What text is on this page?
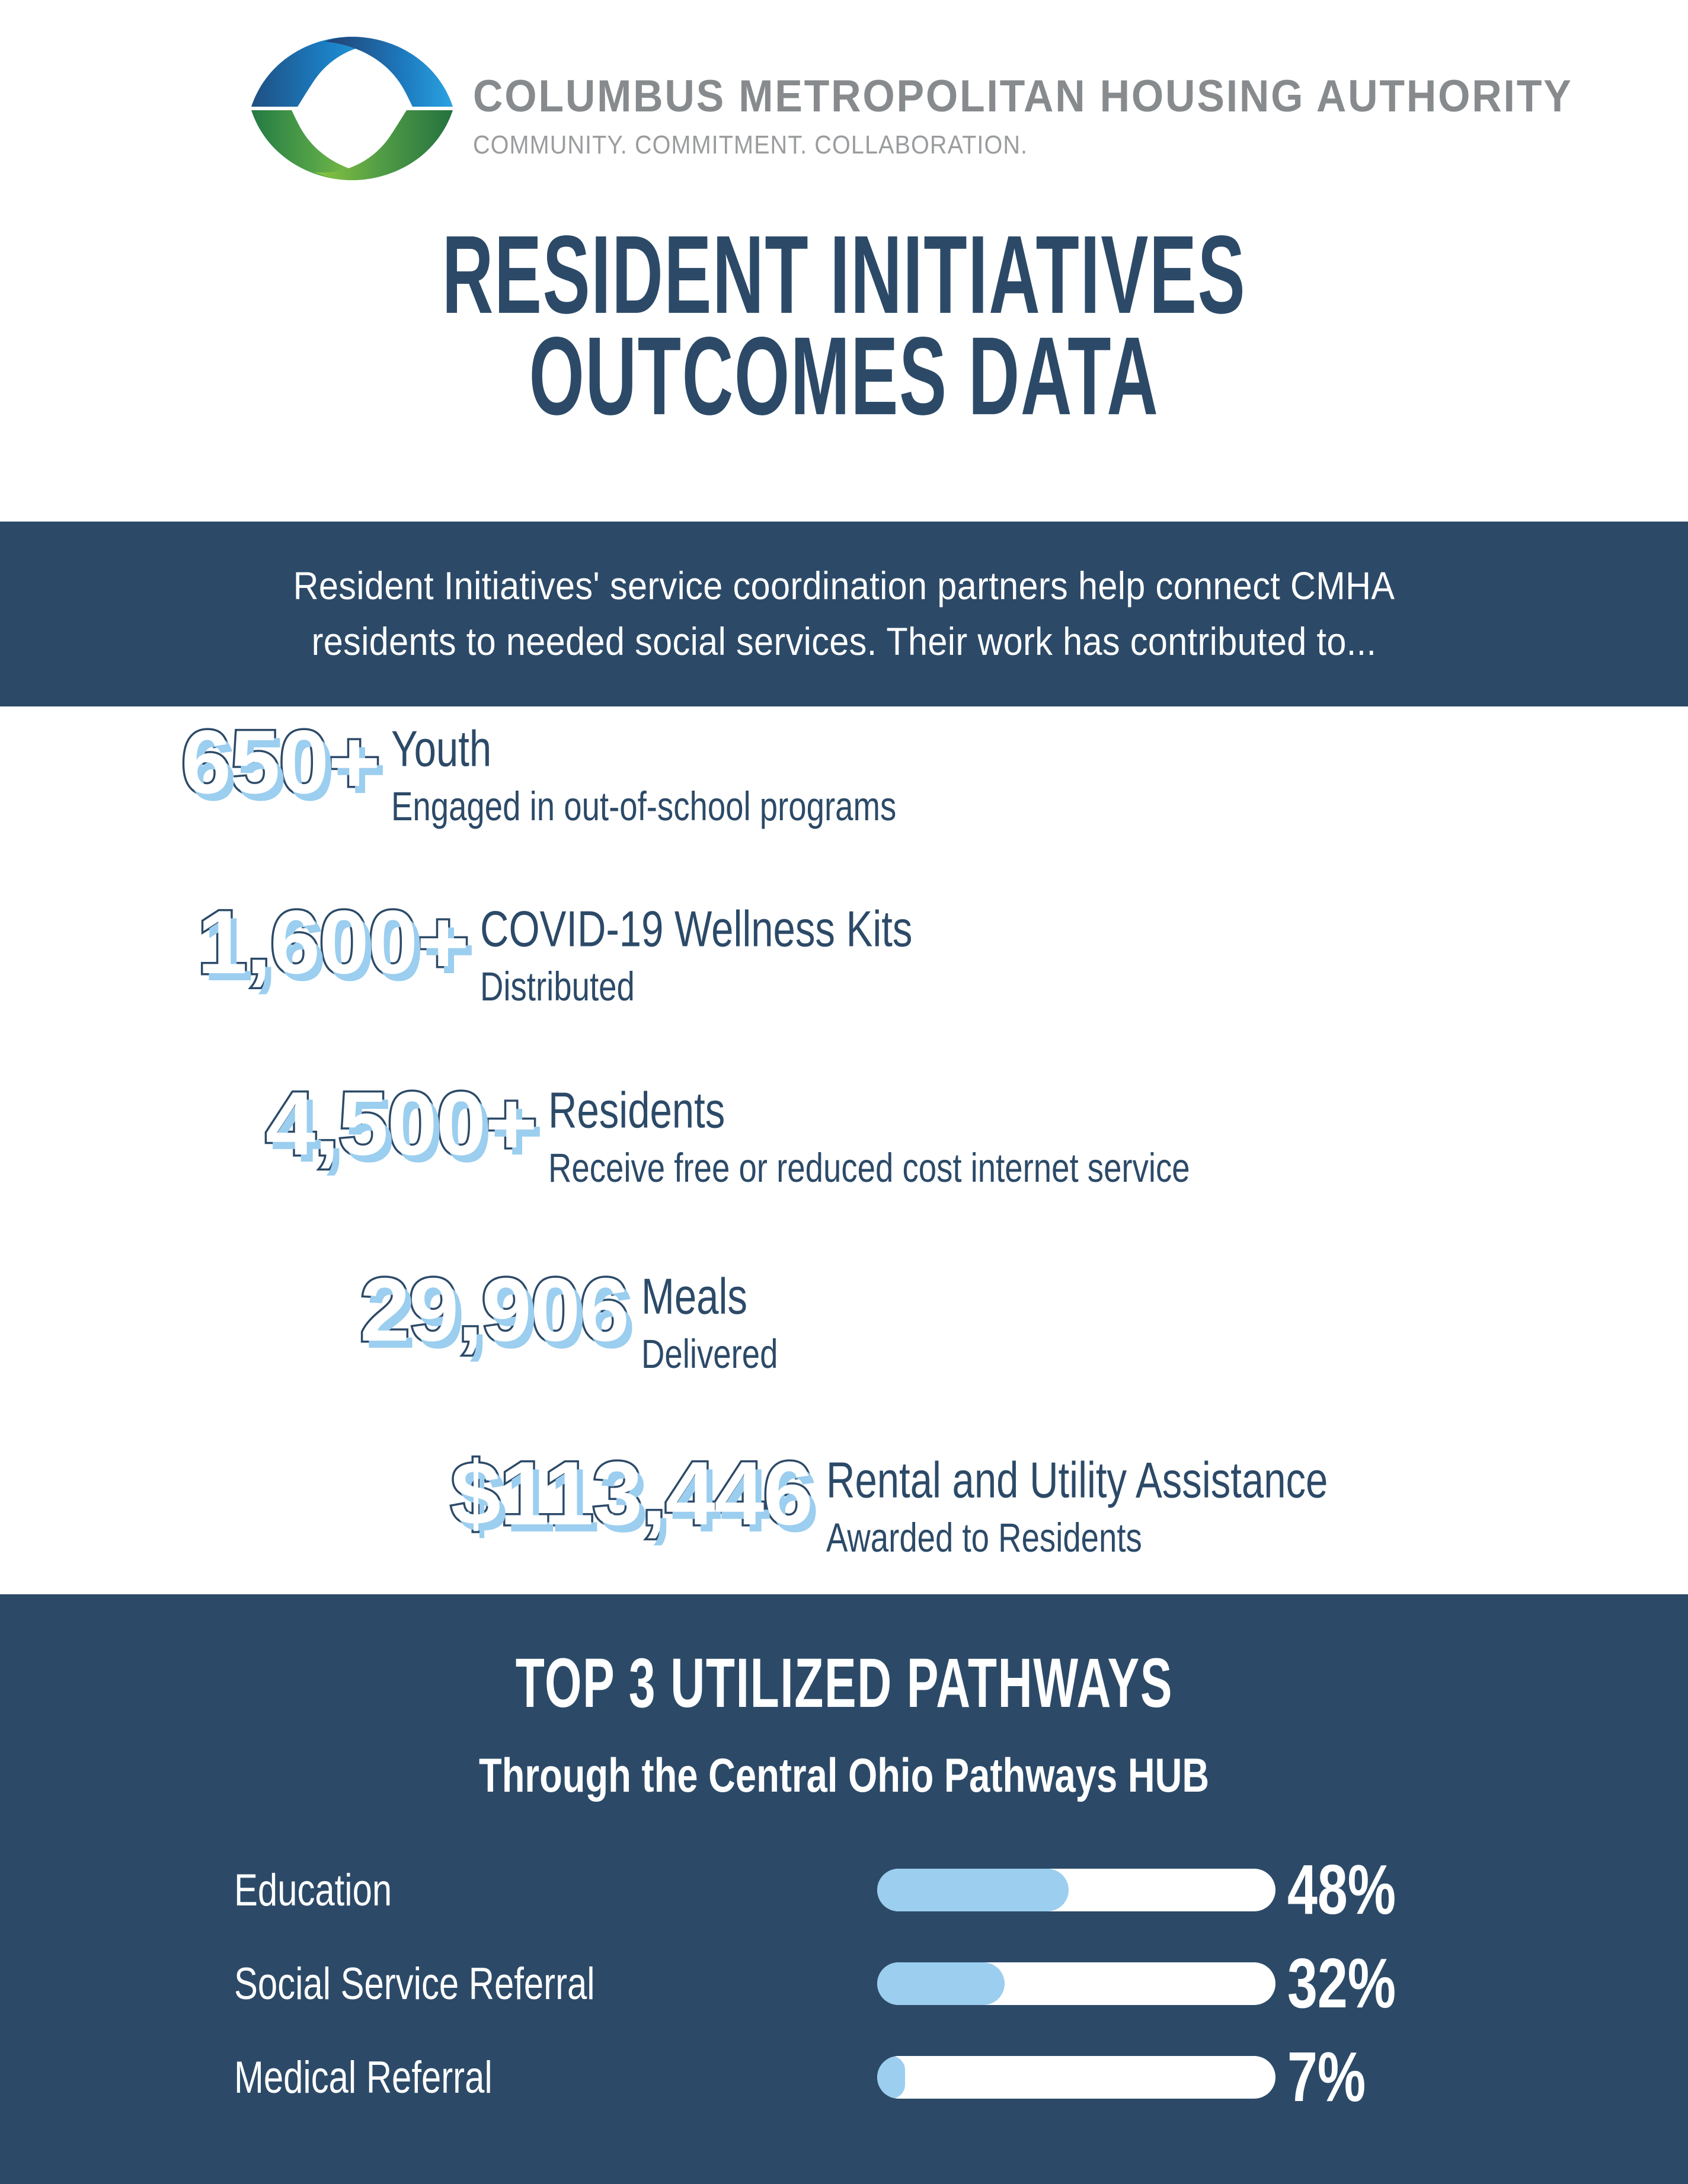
COLUMBUS METROPOLITAN HOUSING AUTHORITY
COMMUNITY. COMMITMENT. COLLABORATION.
RESIDENT INITIATIVES
OUTCOMES DATA
Resident Initiatives' service coordination partners help connect CMHA residents to needed social services. Their work has contributed to...
650+ Youth
Engaged in out-of-school programs
1,600+ COVID-19 Wellness Kits
Distributed
4,500+ Residents
Receive free or reduced cost internet service
29,906 Meals
Delivered
$113,446 Rental and Utility Assistance
Awarded to Residents
TOP 3 UTILIZED PATHWAYS
Through the Central Ohio Pathways HUB
Education	48%
Social Service Referral	32%
Medical Referral	7%
